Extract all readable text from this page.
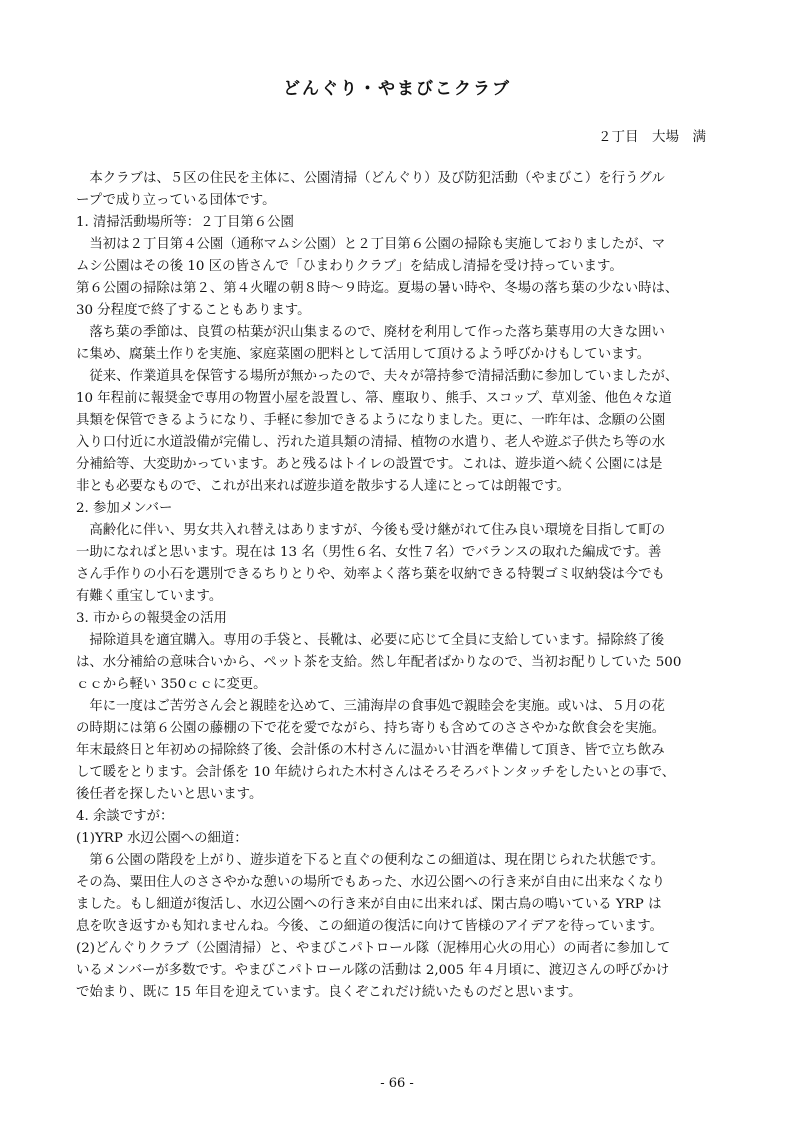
どんぐり・やまびこクラブ
２丁目　大場　满
　本クラブは、５区の住民を主体に、公園清掃（どんぐり）及び防犯活動（やまびこ）を行うグル
ープで成り立っている団体です。
1. 清掃活動場所等：２丁目第６公園
　当初は２丁目第４公園（通称マムシ公園）と２丁目第６公園の掃除も実施しておりましたが、マ
ムシ公園はその後 10 区の皆さんで「ひまわりクラブ」を結成し清掃を受け持っています。
第６公園の掃除は第２、第４火曜の朝８時～９時迄。夏場の暑い時や、冬場の落ち葉の少ない時は、
30 分程度で終了することもあります。
　落ち葉の季節は、良質の枯葉が沢山集まるので、廃材を利用して作った落ち葉専用の大きな囲い
に集め、腐葉土作りを実施、家庭菜園の肥料として活用して頂けるよう呼びかけもしています。
　従来、作業道具を保管する場所が無かったので、夫々が箒持参で清掃活動に参加していましたが、
10 年程前に報奨金で専用の物置小屋を設置し、箒、塵取り、熊手、スコップ、草刈釜、他色々な道
具類を保管できるようになり、手軽に参加できるようになりました。更に、一昨年は、念願の公園
入り口付近に水道設備が完備し、汚れた道具類の清掃、植物の水遣り、老人や遊ぶ子供たち等の水
分補給等、大変助かっています。あと残るはトイレの設置です。これは、遊歩道へ続く公園には是
非とも必要なもので、これが出来れば遊歩道を散歩する人達にとっては朗報です。
2. 参加メンバー
　高齢化に伴い、男女共入れ替えはありますが、今後も受け継がれて住み良い環境を目指して町の
一助になればと思います。現在は 13 名（男性６名、女性７名）でバランスの取れた編成です。善
さん手作りの小石を選別できるちりとりや、効率よく落ち葉を収納できる特製ゴミ収納袋は今でも
有難く重宝しています。
3. 市からの報奨金の活用
　掃除道具を適宜購入。専用の手袋と、長靴は、必要に応じて全員に支給しています。掃除終了後
は、水分補給の意味合いから、ペット茶を支給。然し年配者ばかりなので、当初お配りしていた 500
ｃｃから軽い 350ｃｃに変更。
　年に一度はご苦労さん会と親睦を込めて、三浦海岸の食事処で親睦会を実施。或いは、５月の花
の時期には第６公園の藤棚の下で花を愛でながら、持ち寄りも含めてのささやかな飲食会を実施。
年末最終日と年初めの掃除終了後、会計係の木村さんに温かい甘酒を準備して頂き、皆で立ち飲み
して暖をとります。会計係を 10 年続けられた木村さんはそろそろバトンタッチをしたいとの事で、
後任者を探したいと思います。
4. 余談ですが：
(1)YRP 水辺公園への細道：
　第６公園の階段を上がり、遊歩道を下ると直ぐの便利なこの細道は、現在閉じられた状態です。
その為、粟田住人のささやかな憩いの場所でもあった、水辺公園への行き来が自由に出来なくなり
ました。もし細道が復活し、水辺公園への行き来が自由に出来れば、閑古鳥の鳴いている YRP は
息を吹き返すかも知れませんね。今後、この細道の復活に向けて皆様のアイデアを待っています。
(2)どんぐりクラブ（公園清掃）と、やまびこパトロール隊（泥棒用心火の用心）の両者に参加して
いるメンバーが多数です。やまびこパトロール隊の活動は 2,005 年４月頃に、渡辺さんの呼びかけ
で始まり、既に 15 年目を迎えています。良くぞこれだけ続いたものだと思います。
- 66 -
